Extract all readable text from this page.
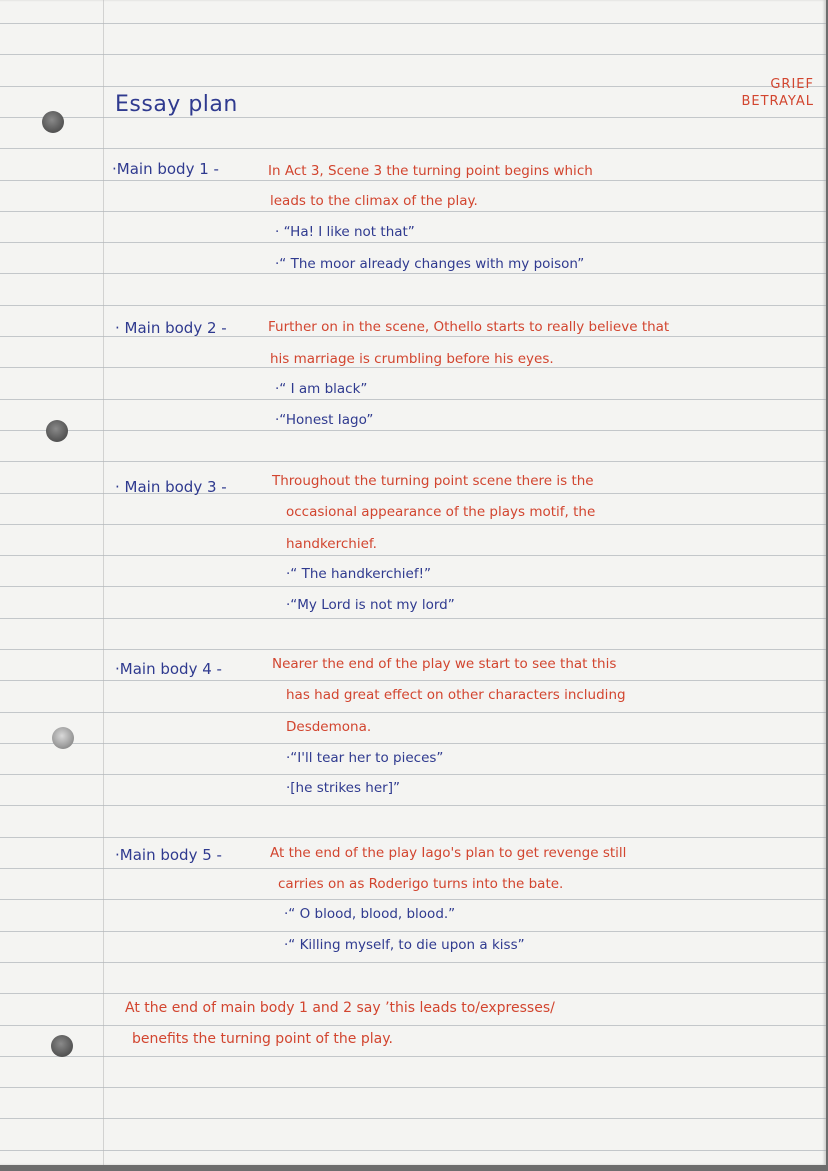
Essay plan
GRIEF
BETRAYAL
·Main body 1 -	In Act 3, Scene 3 the turning point begins which
leads to the climax of the play.
· “Ha! I like not that”
·“ The moor already changes with my poison”
· Main body 2 -	Further on in the scene, Othello starts to really believe that
his marriage is crumbling before his eyes.
·“ I am black”
·“Honest Iago”
· Main body 3 -	Throughout the turning point scene there is the
occasional appearance of the plays motif, the
handkerchief.
·“ The handkerchief!”
·“My Lord is not my lord”
·Main body 4 -	Nearer the end of the play we start to see that this
has had great effect on other characters including
Desdemona.
·“I'll tear her to pieces”
·[he strikes her]”
·Main body 5 -	At the end of the play Iago's plan to get revenge still
carries on as Roderigo turns into the bate.
·“ O blood, blood, blood.”
·“ Killing myself, to die upon a kiss”
At the end of main body 1 and 2 say ’this leads to/expresses/
benefits the turning point of the play.
